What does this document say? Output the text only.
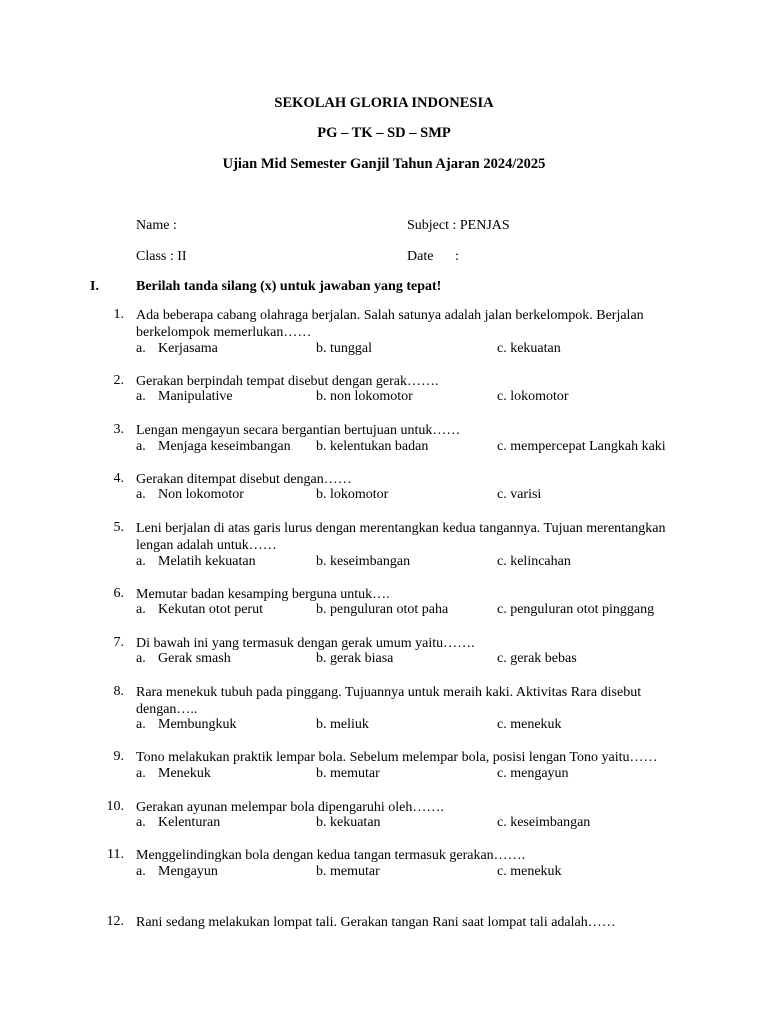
SEKOLAH GLORIA INDONESIA
PG – TK – SD – SMP
Ujian Mid Semester Ganjil Tahun Ajaran 2024/2025
Name :	Subject : PENJAS
Class : II	Date :
I.	Berilah tanda silang (x) untuk jawaban yang tepat!
1. Ada beberapa cabang olahraga berjalan. Salah satunya adalah jalan berkelompok. Berjalan berkelompok memerlukan……
a. Kerjasama	b. tunggal	c. kekuatan
2. Gerakan berpindah tempat disebut dengan gerak…….
a. Manipulative	b. non lokomotor	c. lokomotor
3. Lengan mengayun secara bergantian bertujuan untuk……
a. Menjaga keseimbangan b. kelentukan badan	c. mempercepat Langkah kaki
4. Gerakan ditempat disebut dengan……
a. Non lokomotor	b. lokomotor	c. varisi
5. Leni berjalan di atas garis lurus dengan merentangkan kedua tangannya. Tujuan merentangkan lengan adalah untuk……
a. Melatih kekuatan	b. keseimbangan	c. kelincahan
6. Memutar badan kesamping berguna untuk….
a. Kekutan otot perut	b. penguluran otot paha	c. penguluran otot pinggang
7. Di bawah ini yang termasuk dengan gerak umum yaitu…….
a. Gerak smash	b. gerak biasa	c. gerak bebas
8. Rara menekuk tubuh pada pinggang. Tujuannya untuk meraih kaki. Aktivitas Rara disebut dengan…..
a. Membungkuk	b. meliuk	c. menekuk
9. Tono melakukan praktik lempar bola. Sebelum melempar bola, posisi lengan Tono yaitu……
a. Menekuk	b. memutar	c. mengayun
10. Gerakan ayunan melempar bola dipengaruhi oleh…….
a. Kelenturan	b. kekuatan	c. keseimbangan
11. Menggelindingkan bola dengan kedua tangan termasuk gerakan…….
a. Mengayun	b. memutar	c. menekuk
12. Rani sedang melakukan lompat tali. Gerakan tangan Rani saat lompat tali adalah……
